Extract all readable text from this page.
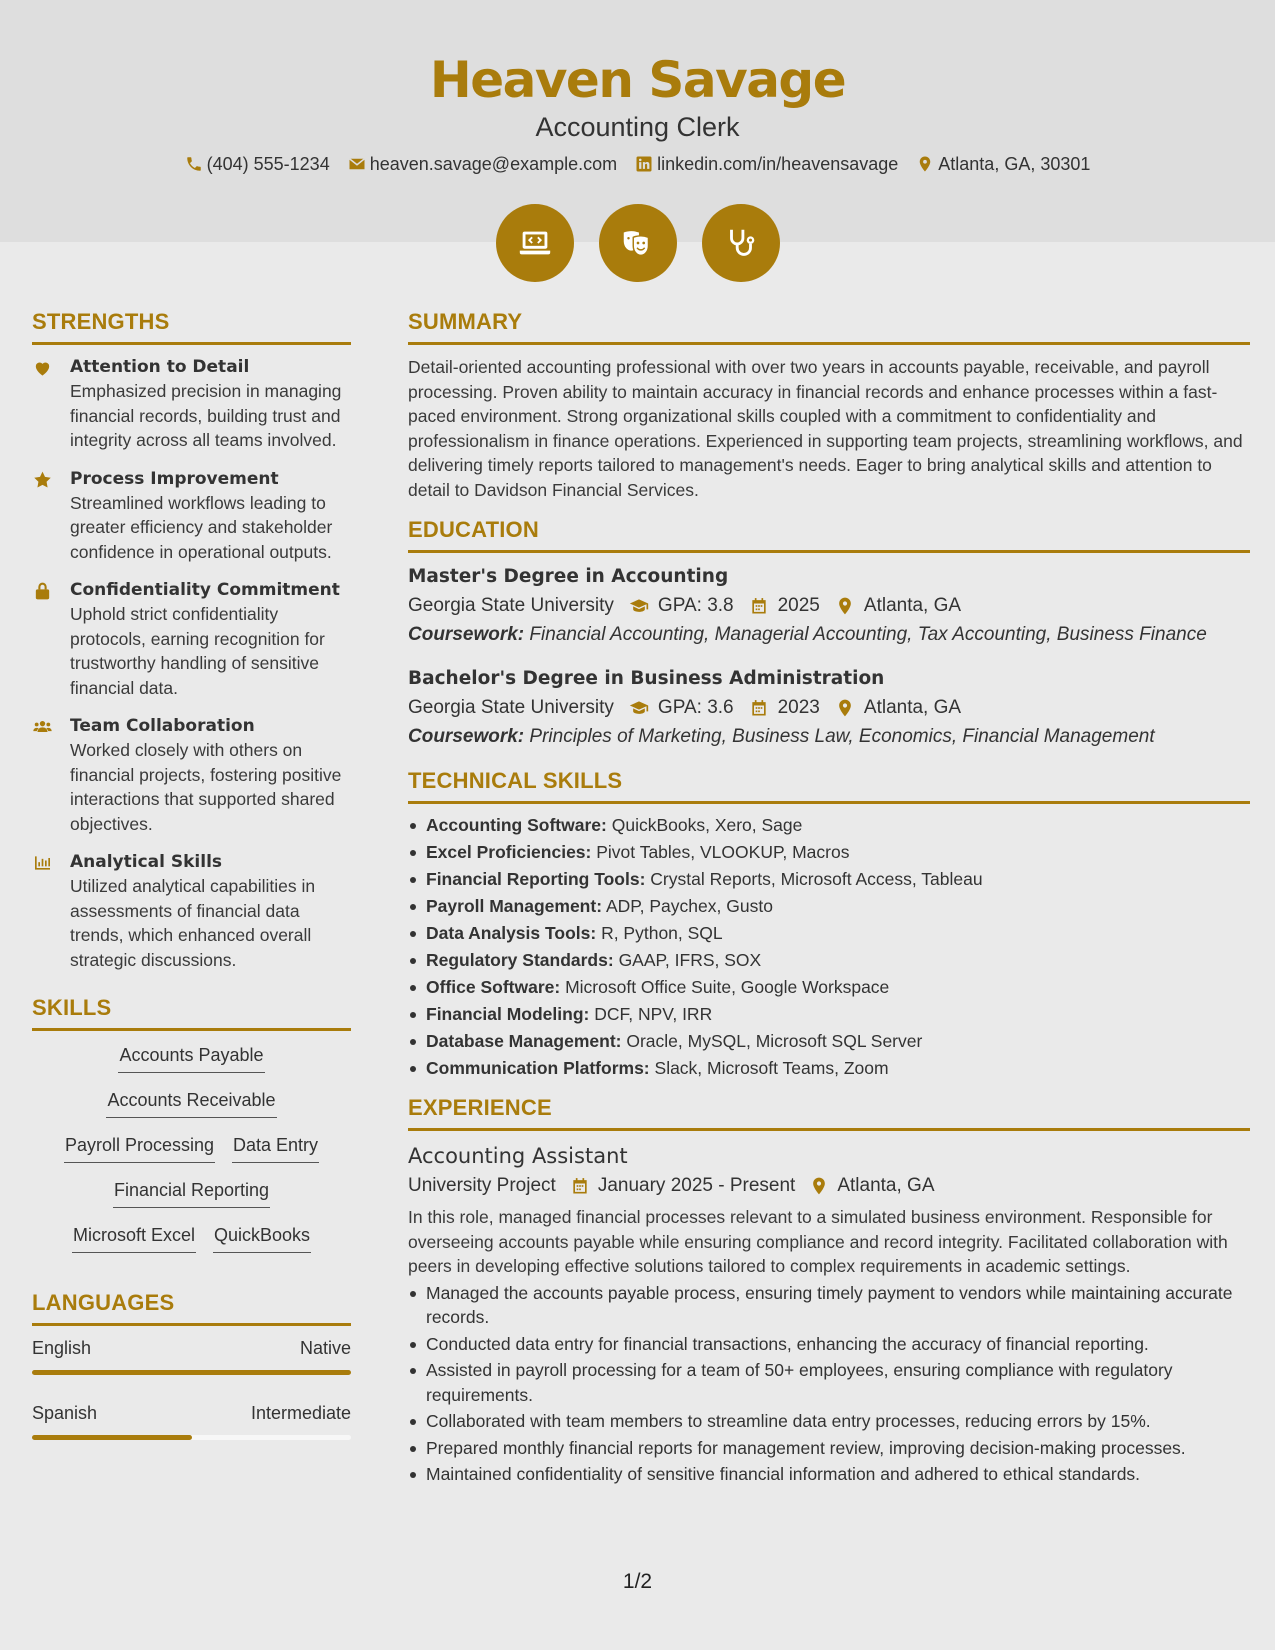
Heaven Savage
Accounting Clerk
(404) 555-1234 heaven.savage@example.com linkedin.com/in/heavensavage Atlanta, GA, 30301
STRENGTHS
Attention to Detail
Emphasized precision in managing financial records, building trust and integrity across all teams involved.
Process Improvement
Streamlined workflows leading to greater efficiency and stakeholder confidence in operational outputs.
Confidentiality Commitment
Uphold strict confidentiality protocols, earning recognition for trustworthy handling of sensitive financial data.
Team Collaboration
Worked closely with others on financial projects, fostering positive interactions that supported shared objectives.
Analytical Skills
Utilized analytical capabilities in assessments of financial data trends, which enhanced overall strategic discussions.
SKILLS
Accounts Payable
Accounts Receivable
Payroll Processing Data Entry
Financial Reporting
Microsoft Excel QuickBooks
LANGUAGES
English	Native
Spanish	Intermediate
SUMMARY
Detail-oriented accounting professional with over two years in accounts payable, receivable, and payroll processing. Proven ability to maintain accuracy in financial records and enhance processes within a fast-paced environment. Strong organizational skills coupled with a commitment to confidentiality and professionalism in finance operations. Experienced in supporting team projects, streamlining workflows, and delivering timely reports tailored to management's needs. Eager to bring analytical skills and attention to detail to Davidson Financial Services.
EDUCATION
Master's Degree in Accounting
Georgia State University GPA: 3.8 2025 Atlanta, GA
Coursework: Financial Accounting, Managerial Accounting, Tax Accounting, Business Finance
Bachelor's Degree in Business Administration
Georgia State University GPA: 3.6 2023 Atlanta, GA
Coursework: Principles of Marketing, Business Law, Economics, Financial Management
TECHNICAL SKILLS
Accounting Software: QuickBooks, Xero, Sage
Excel Proficiencies: Pivot Tables, VLOOKUP, Macros
Financial Reporting Tools: Crystal Reports, Microsoft Access, Tableau
Payroll Management: ADP, Paychex, Gusto
Data Analysis Tools: R, Python, SQL
Regulatory Standards: GAAP, IFRS, SOX
Office Software: Microsoft Office Suite, Google Workspace
Financial Modeling: DCF, NPV, IRR
Database Management: Oracle, MySQL, Microsoft SQL Server
Communication Platforms: Slack, Microsoft Teams, Zoom
EXPERIENCE
Accounting Assistant
University Project January 2025 - Present Atlanta, GA
In this role, managed financial processes relevant to a simulated business environment. Responsible for overseeing accounts payable while ensuring compliance and record integrity. Facilitated collaboration with peers in developing effective solutions tailored to complex requirements in academic settings.
Managed the accounts payable process, ensuring timely payment to vendors while maintaining accurate records.
Conducted data entry for financial transactions, enhancing the accuracy of financial reporting.
Assisted in payroll processing for a team of 50+ employees, ensuring compliance with regulatory requirements.
Collaborated with team members to streamline data entry processes, reducing errors by 15%.
Prepared monthly financial reports for management review, improving decision-making processes.
Maintained confidentiality of sensitive financial information and adhered to ethical standards.
1/2
